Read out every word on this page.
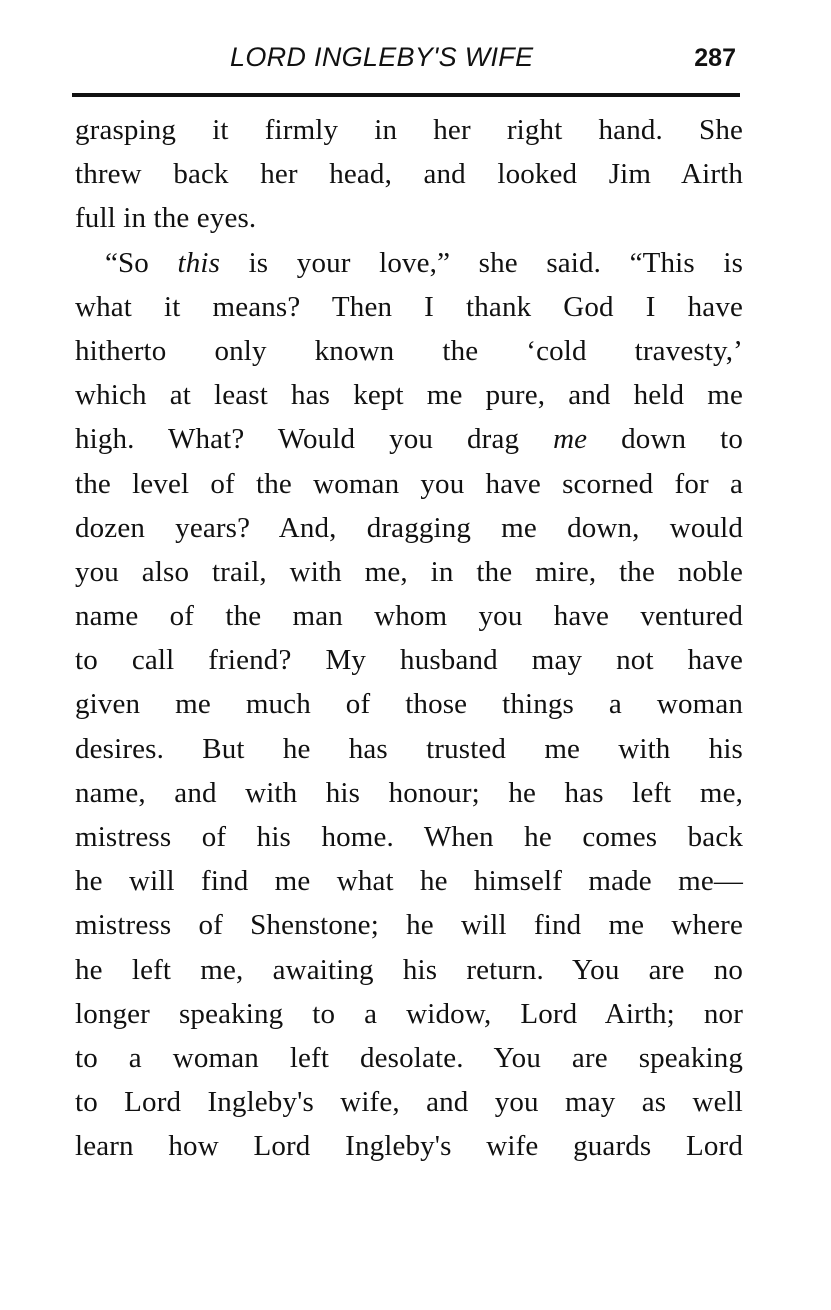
LORD INGLEBY'S WIFE	287
grasping it firmly in her right hand. She
threw back her head, and looked Jim Airth
full in the eyes.
“So this is your love,” she said. “This is
what it means? Then I thank God I have
hitherto only known the ‘cold travesty,’
which at least has kept me pure, and held me
high. What? Would you drag me down to
the level of the woman you have scorned for a
dozen years? And, dragging me down, would
you also trail, with me, in the mire, the noble
name of the man whom you have ventured
to call friend? My husband may not have
given me much of those things a woman
desires. But he has trusted me with his
name, and with his honour; he has left me,
mistress of his home. When he comes back
he will find me what he himself made me—
mistress of Shenstone; he will find me where
he left me, awaiting his return. You are no
longer speaking to a widow, Lord Airth; nor
to a woman left desolate. You are speaking
to Lord Ingleby's wife, and you may as well
learn how Lord Ingleby's wife guards Lord
